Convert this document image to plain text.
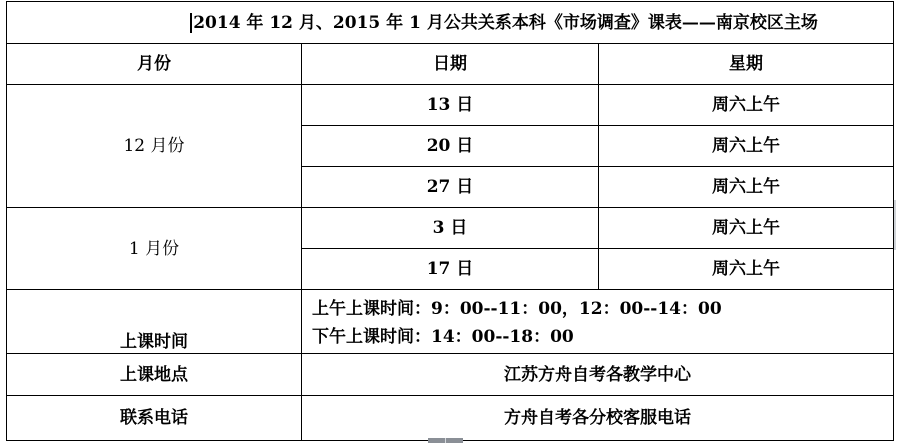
2014 年 12 月、2015 年 1 月公共关系本科《市场调查》课表——南京校区主场		
月份	日期	星期
12 月份	13 日	周六上午
	20 日	周六上午
	27 日	周六上午
1 月份	3 日	周六上午
	17 日	周六上午
上课时间	上午上课时间：9：00--11：00，12：00--14：00
下午上课时间：14：00--18：00	

上课地点	江苏方舟自考各教学中心	
联系电话	方舟自考各分校客服电话	
